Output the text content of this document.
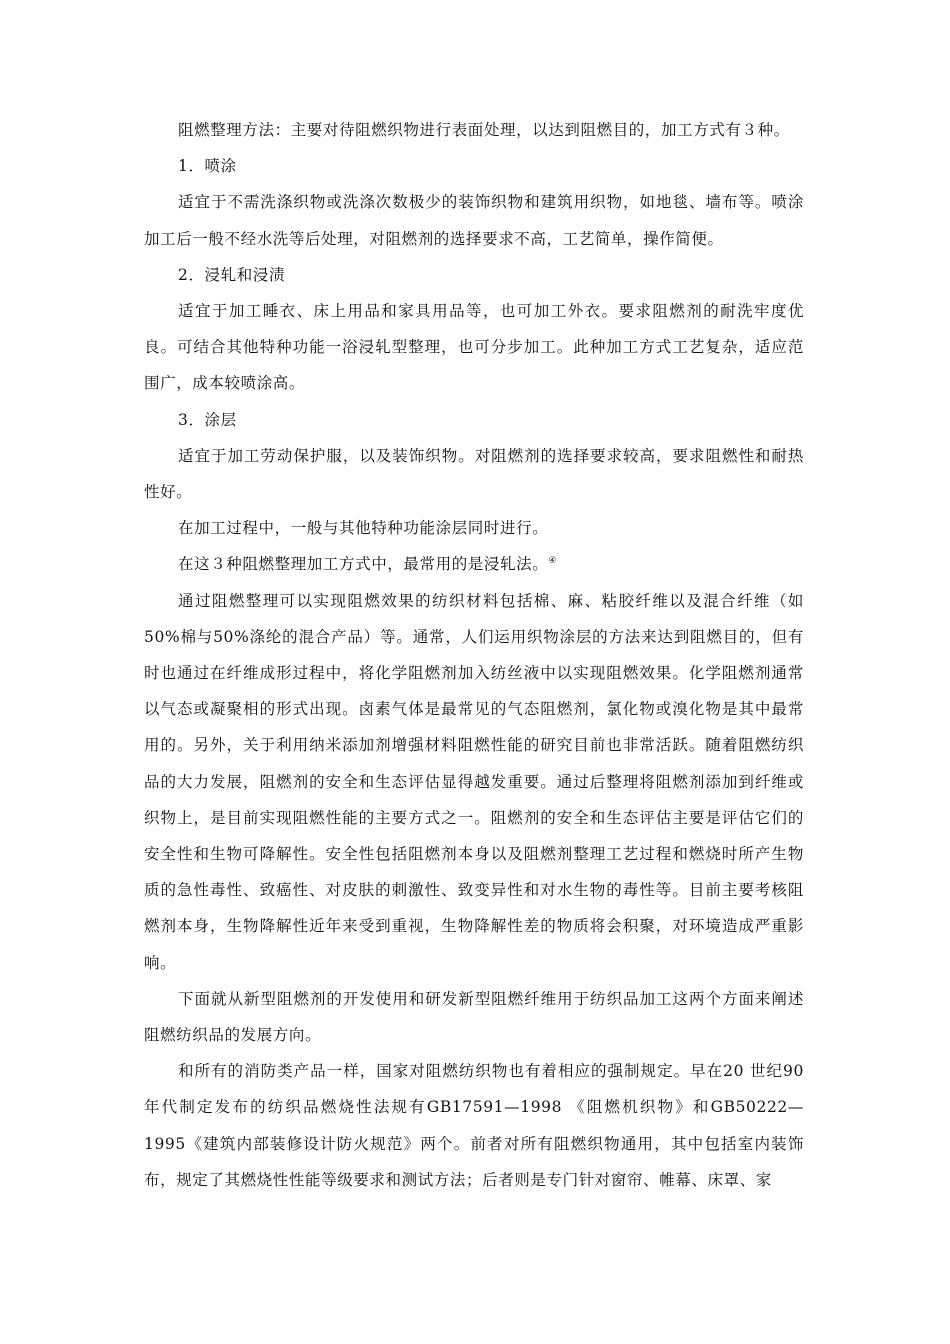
阻燃整理方法：主要对待阻燃织物进行表面处理，以达到阻燃目的，加工方式有３种。

1．喷涂

适宜于不需洗涤织物或洗涤次数极少的装饰织物和建筑用织物，如地毯、墙布等。喷涂加工后一般不经水洗等后处理，对阻燃剂的选择要求不高，工艺简单，操作简便。

2．浸轧和浸渍

适宜于加工睡衣、床上用品和家具用品等，也可加工外衣。要求阻燃剂的耐洗牢度优良。可结合其他特种功能一浴浸轧型整理，也可分步加工。此种加工方式工艺复杂，适应范围广，成本较喷涂高。

3．涂层

适宜于加工劳动保护服，以及装饰织物。对阻燃剂的选择要求较高，要求阻燃性和耐热性好。

在加工过程中，一般与其他特种功能涂层同时进行。

在这３种阻燃整理加工方式中，最常用的是浸轧法。④

通过阻燃整理可以实现阻燃效果的纺织材料包括棉、麻、粘胶纤维以及混合纤维（如50%棉与50%涤纶的混合产品）等。通常，人们运用织物涂层的方法来达到阻燃目的，但有时也通过在纤维成形过程中，将化学阻燃剂加入纺丝液中以实现阻燃效果。化学阻燃剂通常以气态或凝聚相的形式出现。卤素气体是最常见的气态阻燃剂，氯化物或溴化物是其中最常用的。另外，关于利用纳米添加剂增强材料阻燃性能的研究目前也非常活跃。随着阻燃纺织品的大力发展，阻燃剂的安全和生态评估显得越发重要。通过后整理将阻燃剂添加到纤维或织物上，是目前实现阻燃性能的主要方式之一。阻燃剂的安全和生态评估主要是评估它们的安全性和生物可降解性。安全性包括阻燃剂本身以及阻燃剂整理工艺过程和燃烧时所产生物质的急性毒性、致癌性、对皮肤的刺激性、致变异性和对水生物的毒性等。目前主要考核阻燃剂本身，生物降解性近年来受到重视，生物降解性差的物质将会积聚，对环境造成严重影响。

下面就从新型阻燃剂的开发使用和研发新型阻燃纤维用于纺织品加工这两个方面来阐述阻燃纺织品的发展方向。

和所有的消防类产品一样，国家对阻燃纺织物也有着相应的强制规定。早在20 世纪90 年代制定发布的纺织品燃烧性法规有GB17591—1998 《阻燃机织物》和GB50222—1995《建筑内部装修设计防火规范》两个。前者对所有阻燃织物通用，其中包括室内装饰布，规定了其燃烧性性能等级要求和测试方法；后者则是专门针对窗帘、帷幕、床罩、家
